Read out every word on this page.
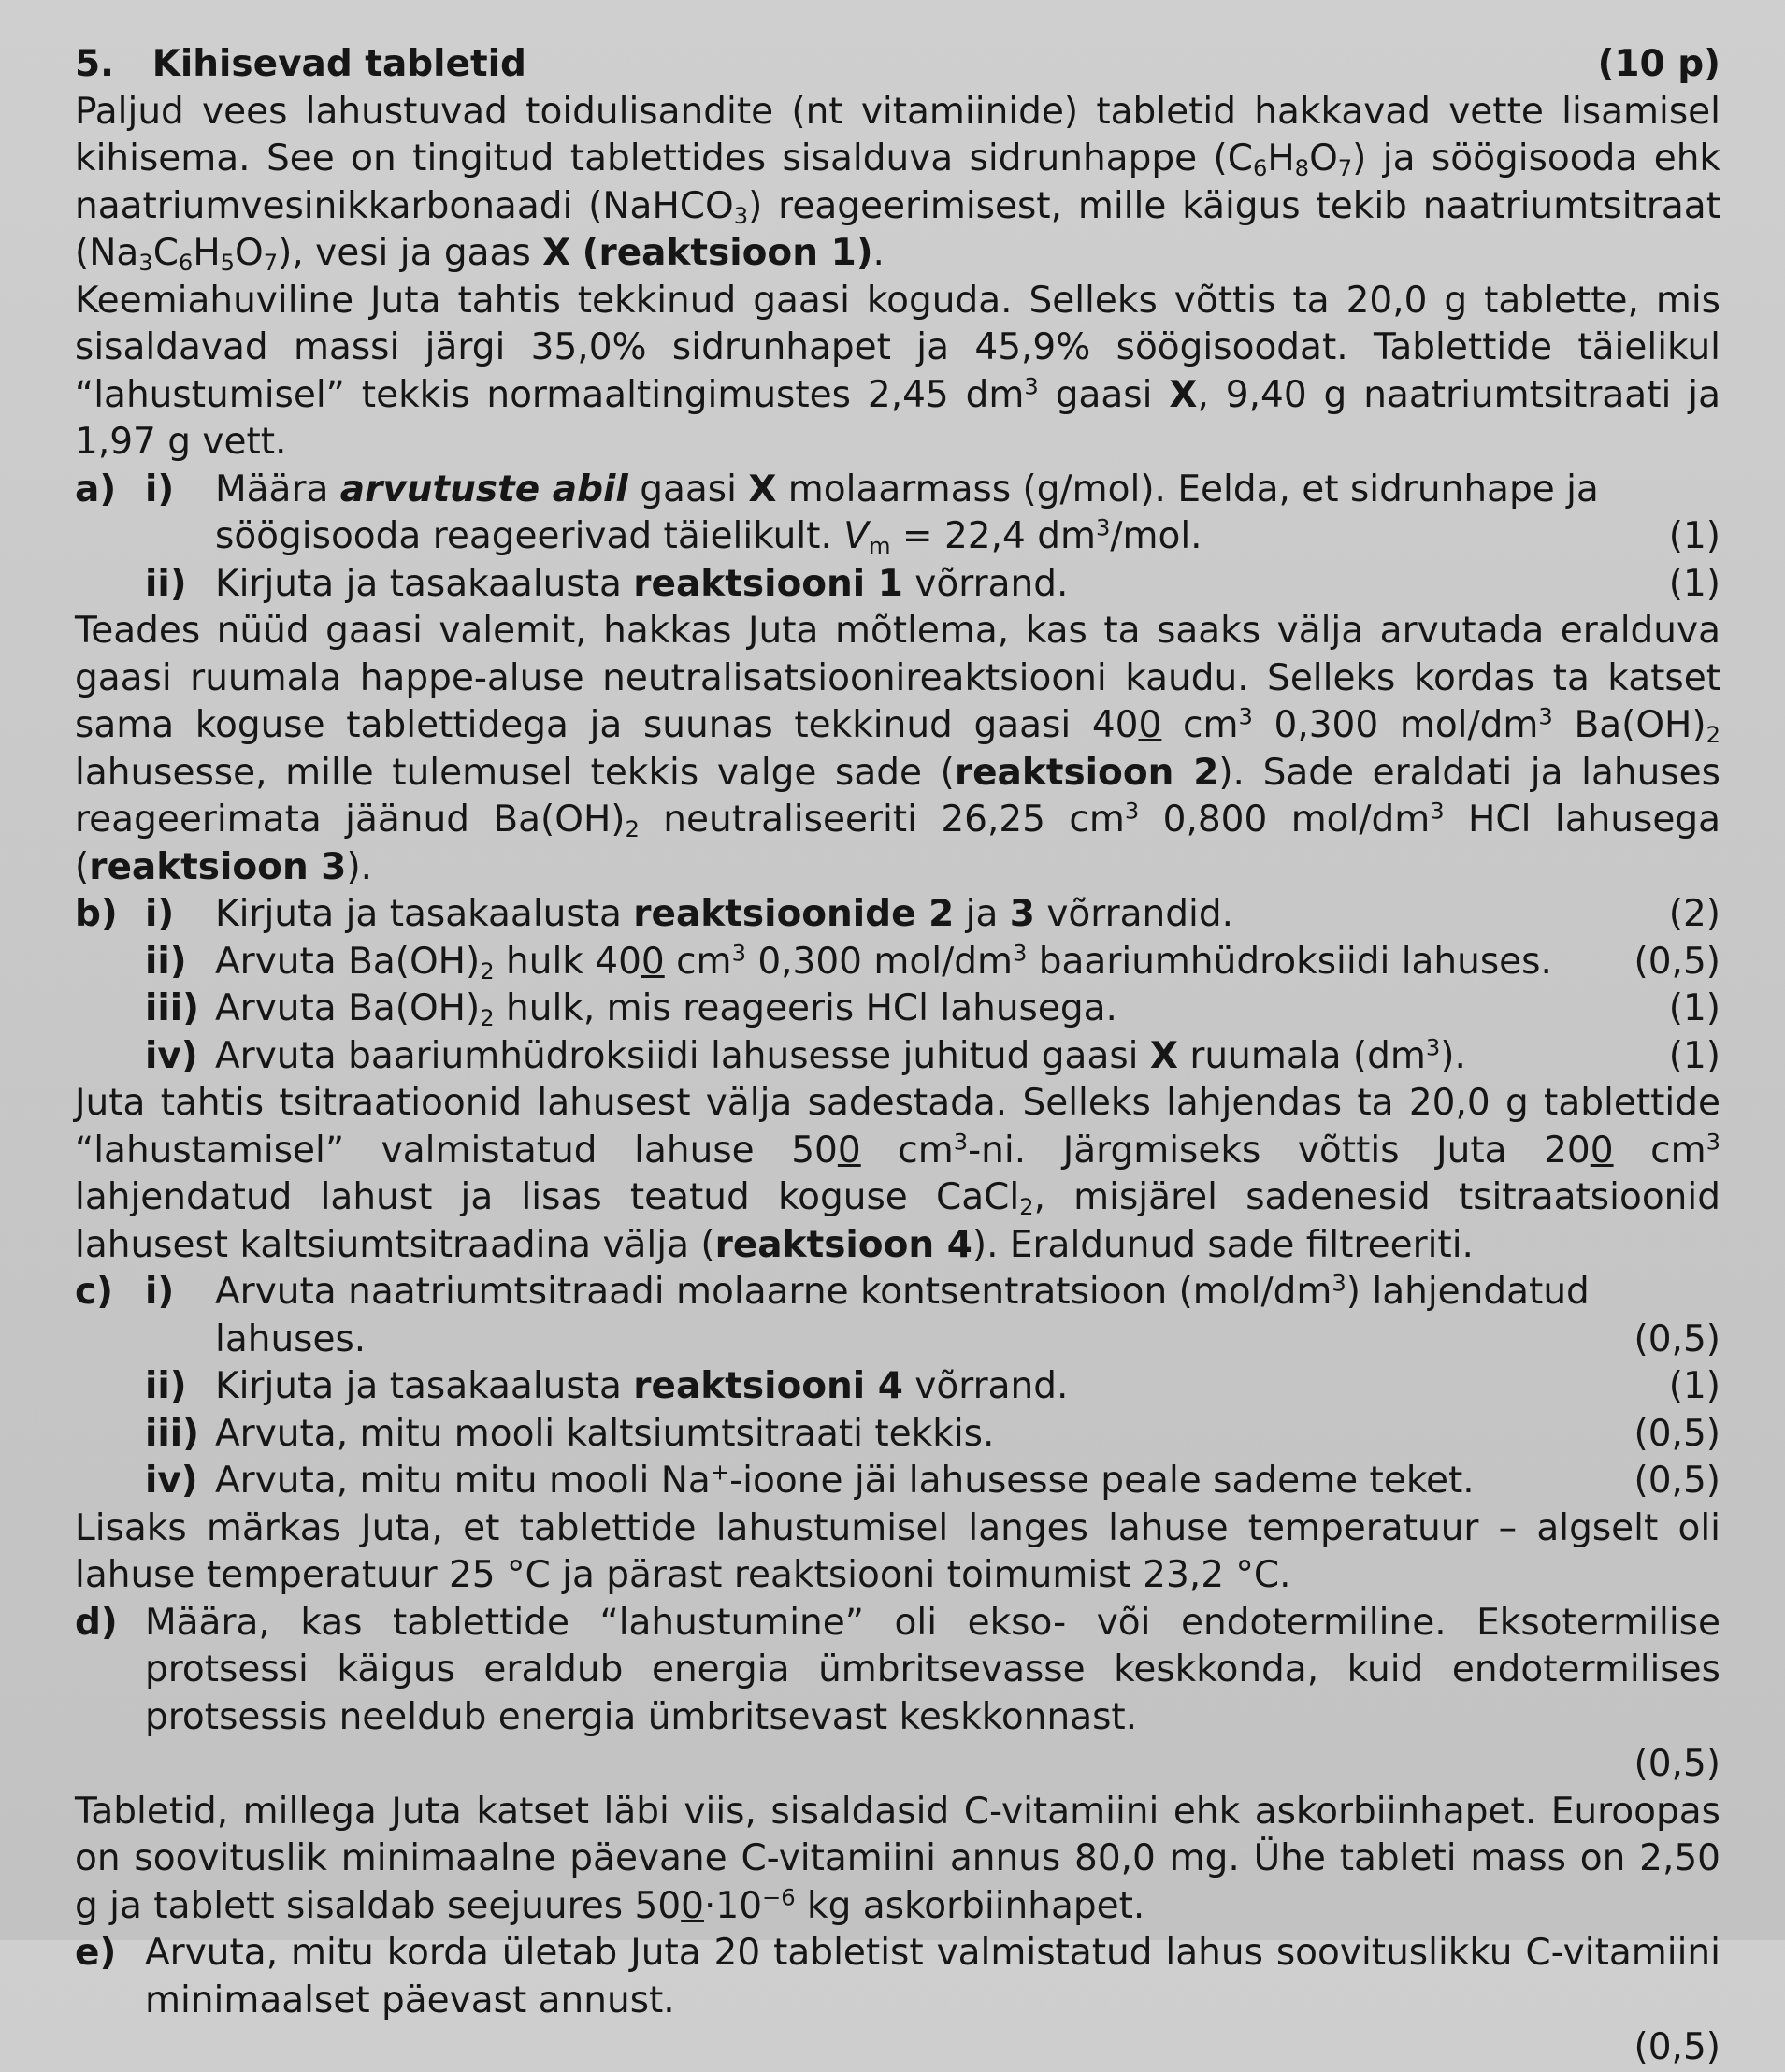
5. Kihisevad tabletid	(10 p)
Paljud vees lahustuvad toidulisandite (nt vitamiinide) tabletid hakkavad vette lisamisel kihisema. See on tingitud tablettides sisalduva sidrunhappe $(C_6H_8O_7)$ ja söögisooda ehk naatriumvesinikkarbonaadi (NaHCO$_3$) reageerimisest, mille käigus tekib naatriumtsitraat $(Na_3C_6H_5O_7)$, vesi ja gaas X (reaktsioon 1).
Keemiahuviline Juta tahtis tekkinud gaasi koguda. Selleks võttis ta 20,0 g tablette, mis sisaldavad massi järgi 35,0% sidrunhapet ja 45,9% söögisoodat. Tablettide täielikul “lahustumisel” tekkis normaaltingimustes 2,45 $dm^3$ gaasi X, 9,40 g naatriumtsitraati ja 1,97 g vett.
a) i) Määra arvutuste abil gaasi X molaarmass (g/mol). Eelda, et sidrunhape ja söögisooda reageerivad täielikult. $V_m = 22,4$ $dm^3$/mol.	(1)
ii) Kirjuta ja tasakaalusta reaktsiooni 1 võrrand.	(1)
Teades nüüd gaasi valemit, hakkas Juta mõtlema, kas ta saaks välja arvutada eralduva gaasi ruumala happe-aluse neutralisatsioonireaktsiooni kaudu. Selleks kordas ta katset sama koguse tablettidega ja suunas tekkinud gaasi 400 $cm^3$ 0,300 mol/$dm^3$ $Ba(OH)_2$ lahusesse, mille tulemusel tekkis valge sade (reaktsioon 2). Sade eraldati ja lahuses reageerimata jäänud $Ba(OH)_2$ neutraliseeriti 26,25 $cm^3$ 0,800 mol/$dm^3$ HCl lahusega (reaktsioon 3).
b) i) Kirjuta ja tasakaalusta reaktsioonide 2 ja 3 võrrandid.	(2)
ii) Arvuta $Ba(OH)_2$ hulk 400 $cm^3$ 0,300 mol/$dm^3$ baariumhüdroksiidi lahuses.	(0,5)
iii) Arvuta $Ba(OH)_2$ hulk, mis reageeris HCl lahusega.	(1)
iv) Arvuta baariumhüdroksiidi lahusesse juhitud gaasi X ruumala $(dm^3)$.	(1)
Juta tahtis tsitraatioonid lahusest välja sadestada. Selleks lahjendas ta 20,0 g tablettide “lahustamisel” valmistatud lahuse 500 $cm^3-ni$. Järgmiseks võttis Juta 200 $cm^3$ lahjendatud lahust ja lisas teatud koguse CaCl$_2$, misjärel sadenesid tsitraatsioonid lahusest kaltsiumtsitraadina välja (reaktsioon 4). Eraldunud sade filtreeriti.
c) i) Arvuta naatriumtsitraadi molaarne kontsentratsioon $(mol/dm^3)$ lahjendatud lahuses.	(0,5)
ii) Kirjuta ja tasakaalusta reaktsiooni 4 võrrand.	(1)
iii) Arvuta, mitu mooli kaltsiumtsitraati tekkis.	(0,5)
iv) Arvuta, mitu mitu mooli Na+-ioone jäi lahusesse peale sademe teket.	(0,5)
Lisaks märkas Juta, et tablettide lahustumisel langes lahuse temperatuur – algselt oli lahuse temperatuur 25 °C ja pärast reaktsiooni toimumist 23,2 °C.
d) Määra, kas tablettide “lahustumine” oli ekso- või endotermiline. Eksotermilise protsessi käigus eraldub energia ümbritsevasse keskkonda, kuid endotermilises protsessis neeldub energia ümbritsevast keskkonnast.
(0,5)
Tabletid, millega Juta katset läbi viis, sisaldasid C-vitamiini ehk askorbiinhapet. Euroopas on soovituslik minimaalne päevane C-vitamiini annus 80,0 mg. Ühe tableti mass on 2,50 g ja tablett sisaldab seejuures $500\cdot 10^{-6}$ kg askorbiinhapet.
e) Arvuta, mitu korda ületab Juta 20 tabletist valmistatud lahus soovituslikku C-vitamiini minimaalset päevast annust.
(0,5)
